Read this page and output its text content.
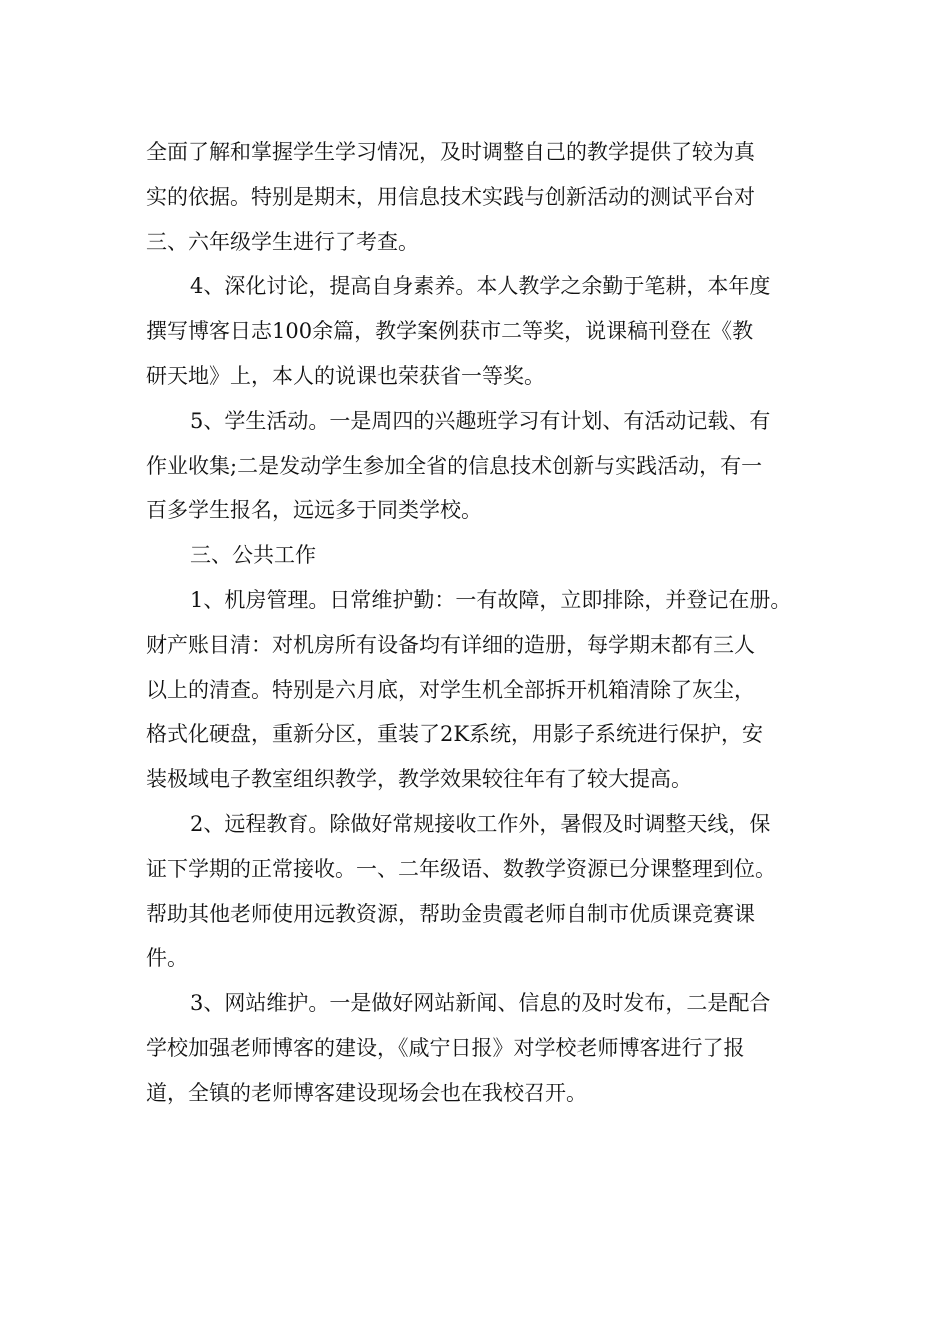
全面了解和掌握学生学习情况，及时调整自己的教学提供了较为真
实的依据。特别是期末，用信息技术实践与创新活动的测试平台对
三、六年级学生进行了考查。
4、深化讨论，提高自身素养。本人教学之余勤于笔耕，本年度
撰写博客日志100余篇，教学案例获市二等奖，说课稿刊登在《教
研天地》上，本人的说课也荣获省一等奖。
5、学生活动。一是周四的兴趣班学习有计划、有活动记载、有
作业收集;二是发动学生参加全省的信息技术创新与实践活动，有一
百多学生报名，远远多于同类学校。
三、公共工作
1、机房管理。日常维护勤：一有故障，立即排除，并登记在册。
财产账目清：对机房所有设备均有详细的造册，每学期末都有三人
以上的清查。特别是六月底，对学生机全部拆开机箱清除了灰尘，
格式化硬盘，重新分区，重装了2K系统，用影子系统进行保护，安
装极域电子教室组织教学，教学效果较往年有了较大提高。
2、远程教育。除做好常规接收工作外，暑假及时调整天线，保
证下学期的正常接收。一、二年级语、数教学资源已分课整理到位。
帮助其他老师使用远教资源，帮助金贵霞老师自制市优质课竞赛课
件。
3、网站维护。一是做好网站新闻、信息的及时发布，二是配合
学校加强老师博客的建设，《咸宁日报》对学校老师博客进行了报
道，全镇的老师博客建设现场会也在我校召开。
